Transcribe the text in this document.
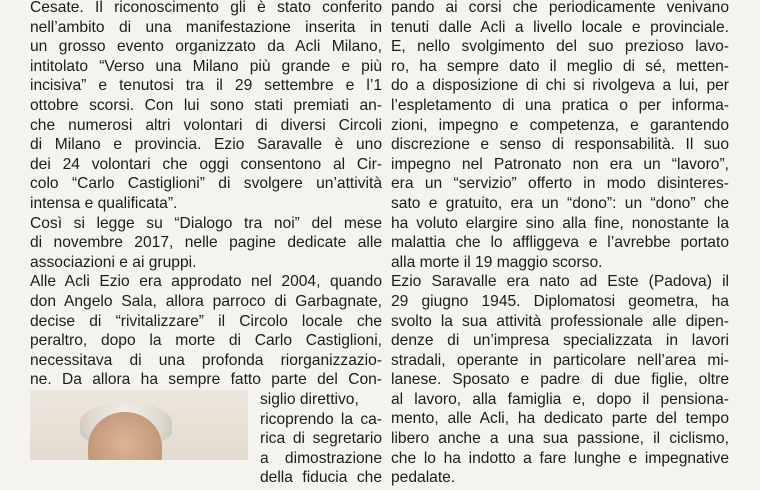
Cesate. Il riconoscimento gli è stato conferito
nell’ambito di una manifestazione inserita in
un grosso evento organizzato da Acli Milano,
intitolato “Verso una Milano più grande e più
incisiva” e tenutosi tra il 29 settembre e l’1
ottobre scorsi. Con lui sono stati premiati an-
che numerosi altri volontari di diversi Circoli
di Milano e provincia. Ezio Saravalle è uno
dei 24 volontari che oggi consentono al Cir-
colo “Carlo Castiglioni” di svolgere un’attività
intensa e qualificata”.
Così si legge su “Dialogo tra noi” del mese
di novembre 2017, nelle pagine dedicate alle
associazioni e ai gruppi.
Alle Acli Ezio era approdato nel 2004, quando
don Angelo Sala, allora parroco di Garbagnate,
decise di “rivitalizzare” il Circolo locale che
peraltro, dopo la morte di Carlo Castiglioni,
necessitava di una profonda riorganizzazio-
ne. Da allora ha sempre fatto parte del Con-
siglio direttivo,
ricoprendo la ca-
rica di segretario
a dimostrazione
della fiducia che
pando ai corsi che periodicamente venivano
tenuti dalle Acli a livello locale e provinciale.
E, nello svolgimento del suo prezioso lavo-
ro, ha sempre dato il meglio di sé, metten-
do a disposizione di chi si rivolgeva a lui, per
l’espletamento di una pratica o per informa-
zioni, impegno e competenza, e garantendo
discrezione e senso di responsabilità. Il suo
impegno nel Patronato non era un “lavoro”,
era un “servizio” offerto in modo disinteres-
sato e gratuito, era un “dono”: un “dono” che
ha voluto elargire sino alla fine, nonostante la
malattia che lo affliggeva e l’avrebbe portato
alla morte il 19 maggio scorso.
Ezio Saravalle era nato ad Este (Padova) il
29 giugno 1945. Diplomatosi geometra, ha
svolto la sua attività professionale alle dipen-
denze di un’impresa specializzata in lavori
stradali, operante in particolare nell’area mi-
lanese. Sposato e padre di due figlie, oltre
al lavoro, alla famiglia e, dopo il pensiona-
mento, alle Acli, ha dedicato parte del tempo
libero anche a una sua passione, il ciclismo,
che lo ha indotto a fare lunghe e impegnative
pedalate.
